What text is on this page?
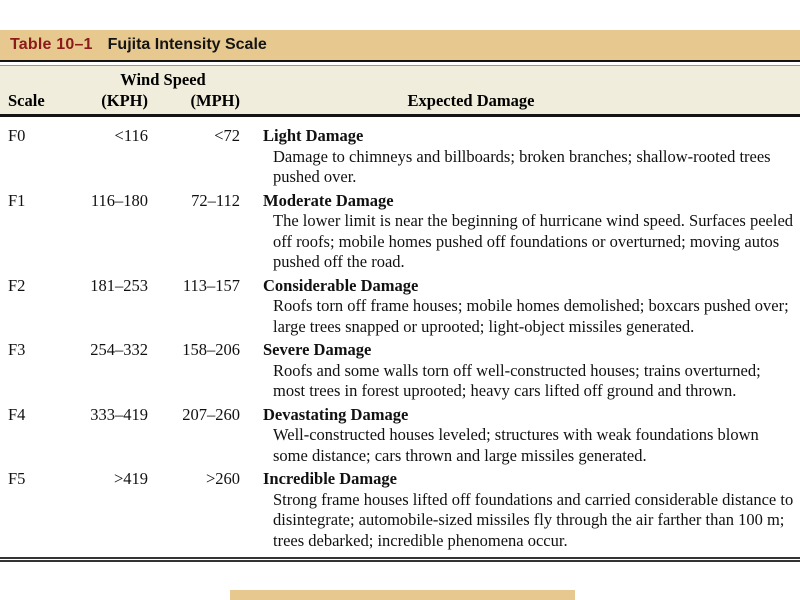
Table 10–1 Fujita Intensity Scale
Wind Speed
Scale	(KPH)	(MPH)	Expected Damage
F0	<116	<72 Light Damage
Damage to chimneys and billboards; broken branches; shallow-rooted trees pushed over.
F1	116–180	72–112 Moderate Damage
The lower limit is near the beginning of hurricane wind speed. Surfaces peeled off roofs; mobile homes pushed off foundations or overturned; moving autos pushed off the road.
F2	181–253	113–157 Considerable Damage
Roofs torn off frame houses; mobile homes demolished; boxcars pushed over; large trees snapped or uprooted; light-object missiles generated.
F3	254–332	158–206 Severe Damage
Roofs and some walls torn off well-constructed houses; trains overturned; most trees in forest uprooted; heavy cars lifted off ground and thrown.
F4	333–419	207–260 Devastating Damage
Well-constructed houses leveled; structures with weak foundations blown some distance; cars thrown and large missiles generated.
F5	>419	>260 Incredible Damage
Strong frame houses lifted off foundations and carried considerable distance to disintegrate; automobile-sized missiles fly through the air farther than 100 m; trees debarked; incredible phenomena occur.
